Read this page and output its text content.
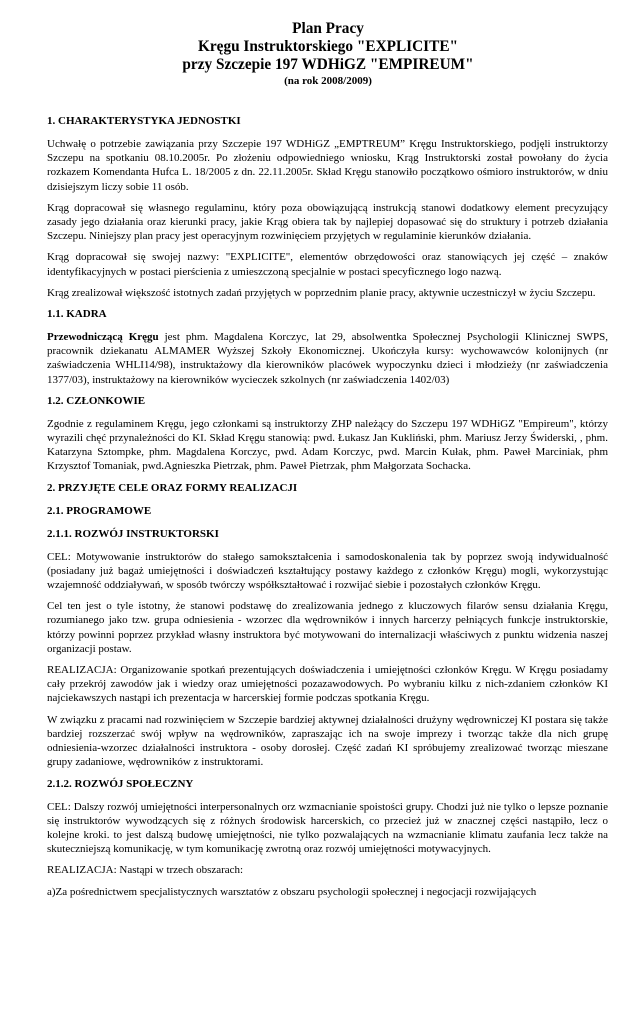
Plan Pracy
Kręgu Instruktorskiego "EXPLICITE"
przy Szczepie 197 WDHiGZ "EMPIREUM"
(na rok 2008/2009)
1. CHARAKTERYSTYKA JEDNOSTKI

Uchwałę o potrzebie zawiązania przy Szczepie 197 WDHiGZ „EMPTREUM” Kręgu Instruktorskiego, podjęli instruktorzy Szczepu na spotkaniu 08.10.2005r. Po złożeniu odpowiedniego wniosku, Krąg Instruktorski został powołany do życia rozkazem Komendanta Hufca L. 18/2005 z dn. 22.11.2005r. Skład Kręgu stanowiło początkowo ośmioro instruktorów, w dniu dzisiejszym liczy sobie 11 osób.

Krąg dopracował się własnego regulaminu, który poza obowiązującą instrukcją stanowi dodatkowy element precyzujący zasady jego działania oraz kierunki pracy, jakie Krąg obiera tak by najlepiej dopasować się do struktury i potrzeb działania Szczepu. Niniejszy plan pracy jest operacyjnym rozwinięciem przyjętych w regulaminie kierunków działania.

Krąg dopracował się swojej nazwy: "EXPLICITE", elementów obrzędowości oraz stanowiących jej część – znaków identyfikacyjnych w postaci pierścienia z umieszczoną specjalnie w postaci specyficznego logo nazwą.

Krąg zrealizował większość istotnych zadań przyjętych w poprzednim planie pracy, aktywnie uczestniczył w życiu Szczepu.

1.1. KADRA

Przewodniczącą Kręgu jest phm. Magdalena Korczyc, lat 29, absolwentka Społecznej Psychologii Klinicznej SWPS, pracownik dziekanatu ALMAMER Wyższej Szkoły Ekonomicznej. Ukończyła kursy: wychowawców kolonijnych (nr zaświadczenia WHLI14/98), instruktażowy dla kierowników placówek wypoczynku dzieci i młodzieży (nr zaświadczenia 1377/03), instruktażowy na kierowników wycieczek szkolnych (nr zaświadczenia 1402/03)

1.2. CZŁONKOWIE

Zgodnie z regulaminem Kręgu, jego członkami są instruktorzy ZHP należący do Szczepu 197 WDHiGZ "Empireum", którzy wyrazili chęć przynależności do KI. Skład Kręgu stanowią: pwd. Łukasz Jan Kukliński, phm. Mariusz Jerzy Świderski, , phm. Katarzyna Sztompke, phm. Magdalena Korczyc, pwd. Adam Korczyc, pwd. Marcin Kułak, phm. Paweł Marciniak, phm Krzysztof Tomaniak, pwd.Agnieszka Pietrzak, phm. Paweł Pietrzak, phm Małgorzata Sochacka.

2. PRZYJĘTE CELE ORAZ FORMY REALIZACJI
2.1. PROGRAMOWE
2.1.1. ROZWÓJ INSTRUKTORSKI

CEL: Motywowanie instruktorów do stałego samokształcenia i samodoskonalenia tak by poprzez swoją indywidualność (posiadany już bagaż umiejętności i doświadczeń kształtujący postawy każdego z członków Kręgu) mogli, wykorzystując wzajemność oddziaływań, w sposób twórczy współkształtować i rozwijać siebie i pozostałych członków Kręgu.

Cel ten jest o tyle istotny, że stanowi podstawę do zrealizowania jednego z kluczowych filarów sensu działania Kręgu, rozumianego jako tzw. grupa odniesienia - wzorzec dla wędrowników i innych harcerzy pełniących funkcje instruktorskie, którzy powinni poprzez przykład własny instruktora być motywowani do internalizacji właściwych z punktu widzenia naszej organizacji postaw.

REALIZACJA: Organizowanie spotkań prezentujących doświadczenia i umiejętności członków Kręgu. W Kręgu posiadamy cały przekrój zawodów jak i wiedzy oraz umiejętności pozazawodowych. Po wybraniu kilku z nich-zdaniem członków KI najciekawszych nastąpi ich prezentacja w harcerskiej formie podczas spotkania Kręgu.

W związku z pracami nad rozwinięciem w Szczepie bardziej aktywnej działalności drużyny wędrowniczej KI postara się także bardziej rozszerzać swój wpływ na wędrowników, zapraszając ich na swoje imprezy i tworząc także dla nich grupę odniesienia-wzorzec działalności instruktora - osoby dorosłej. Część zadań KI spróbujemy zrealizować tworząc mieszane grupy zadaniowe, wędrowników z instruktorami.

2.1.2. ROZWÓJ SPOŁECZNY

CEL: Dalszy rozwój umiejętności interpersonalnych orz wzmacnianie spoistości grupy. Chodzi już nie tylko o lepsze poznanie się instruktorów wywodzących się z różnych środowisk harcerskich, co przecież już w znacznej części nastąpiło, lecz o kolejne kroki. to jest dalszą budowę umiejętności, nie tylko pozwalających na wzmacnianie klimatu zaufania lecz także na skuteczniejszą komunikację, w tym komunikację zwrotną oraz rozwój umiejętności motywacyjnych.

REALIZACJA: Nastąpi w trzech obszarach:

a)Za pośrednictwem specjalistycznych warsztatów z obszaru psychologii społecznej i negocjacji rozwijających
